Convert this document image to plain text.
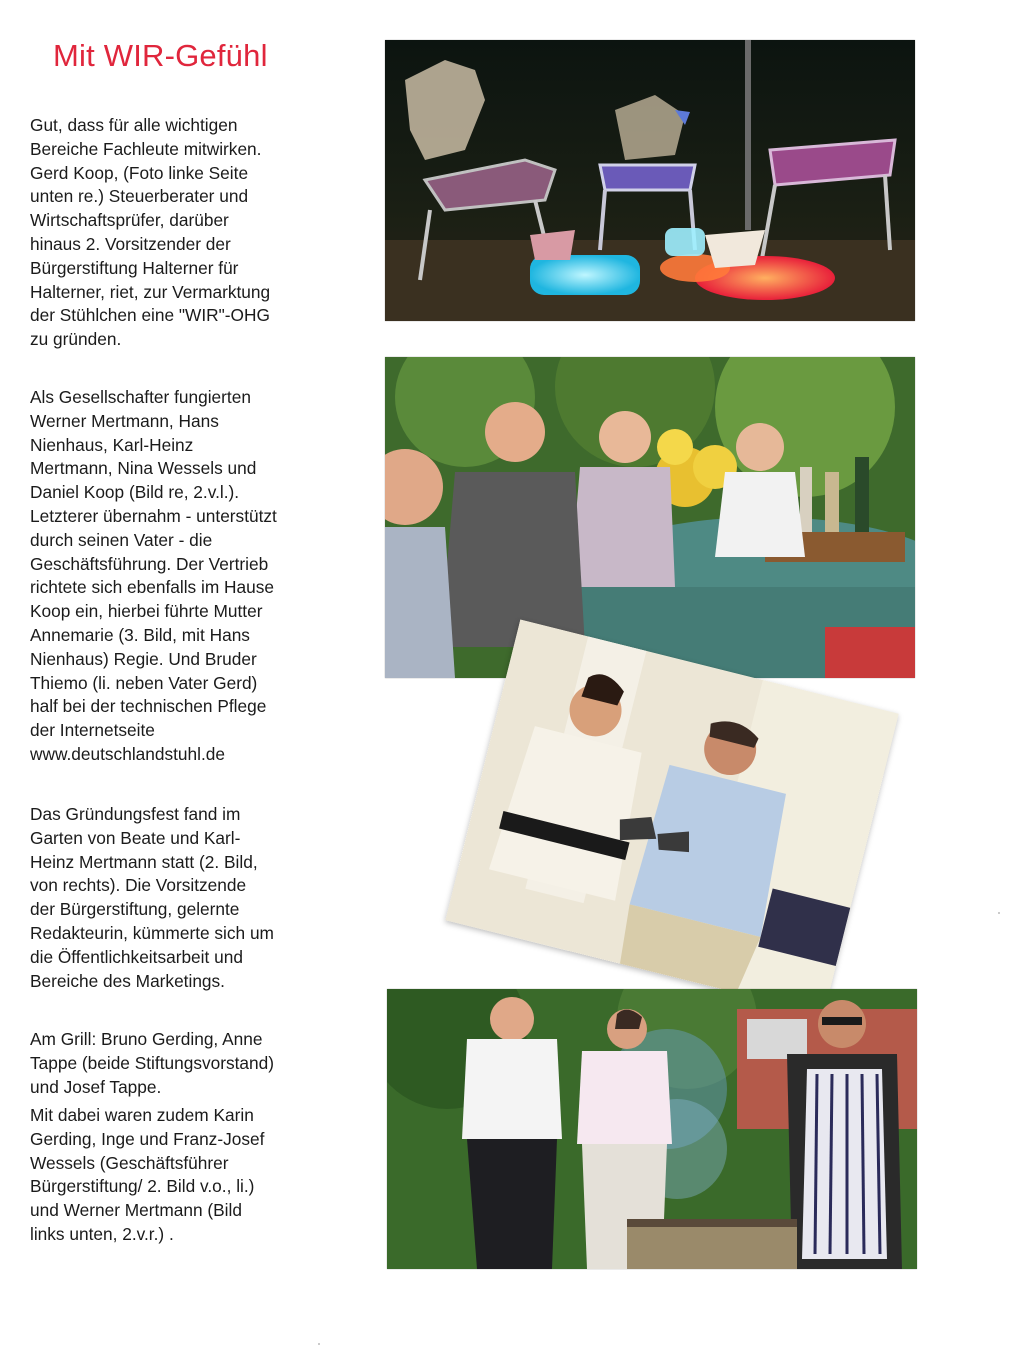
Mit WIR-Gefühl

Gut, dass für alle wichtigen
Bereiche Fachleute mitwirken.
Gerd Koop, (Foto linke Seite
unten re.) Steuerberater und
Wirtschaftsprüfer, darüber
hinaus 2. Vorsitzender der
Bürgerstiftung Halterner für
Halterner, riet, zur Vermarktung
der Stühlchen eine "WIR"-OHG
zu gründen.

Als Gesellschafter fungierten
Werner Mertmann, Hans
Nienhaus, Karl-Heinz
Mertmann, Nina Wessels und
Daniel Koop (Bild re, 2.v.l.).
Letzterer übernahm - unterstützt
durch seinen Vater - die
Geschäftsführung. Der Vertrieb
richtete sich ebenfalls im Hause
Koop ein, hierbei führte Mutter
Annemarie (3. Bild, mit Hans
Nienhaus) Regie. Und Bruder
Thiemo (li. neben Vater Gerd)
half bei der technischen Pflege
der Internetseite
www.deutschlandstuhl.de

Das Gründungsfest fand im
Garten von Beate und Karl-
Heinz Mertmann statt (2. Bild,
von rechts). Die Vorsitzende
der Bürgerstiftung, gelernte
Redakteurin, kümmerte sich um
die Öffentlichkeitsarbeit und
Bereiche des Marketings.

Am Grill: Bruno Gerding, Anne
Tappe (beide Stiftungsvorstand)
und Josef Tappe.

Mit dabei waren zudem Karin
Gerding, Inge und Franz-Josef
Wessels (Geschäftsführer
Bürgerstiftung/ 2. Bild v.o., li.)
und Werner Mertmann (Bild
links unten, 2.v.r.) .
